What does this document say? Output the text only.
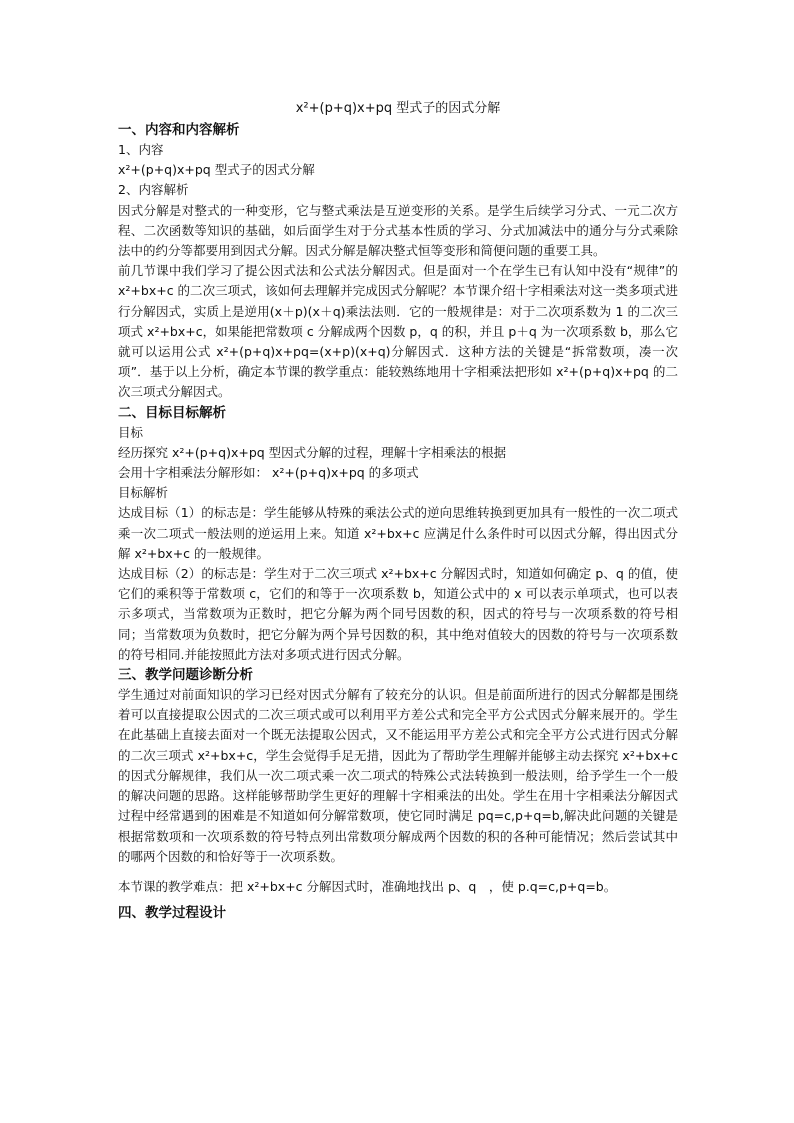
x²+(p+q)x+pq 型式子的因式分解

一、内容和内容解析

1、内容

x²+(p+q)x+pq 型式子的因式分解

2、内容解析

因式分解是对整式的一种变形，它与整式乘法是互逆变形的关系。是学生后续学习分式、一元二次方程、二次函数等知识的基础，如后面学生对于分式基本性质的学习、分式加减法中的通分与分式乘除法中的约分等都要用到因式分解。因式分解是解决整式恒等变形和简便问题的重要工具。

前几节课中我们学习了提公因式法和公式法分解因式。但是面对一个在学生已有认知中没有“规律”的 x²+bx+c 的二次三项式，该如何去理解并完成因式分解呢？本节课介绍十字相乘法对这一类多项式进行分解因式，实质上是逆用(x＋p)(x＋q)乘法法则．它的一般规律是：对于二次项系数为 1 的二次三项式 x²+bx+c，如果能把常数项 c 分解成两个因数 p，q 的积，并且 p＋q 为一次项系数 b，那么它就可以运用公式 x²+(p+q)x+pq=(x+p)(x+q)分解因式．这种方法的关键是“拆常数项，凑一次项”．基于以上分析，确定本节课的教学重点：能较熟练地用十字相乘法把形如 x²+(p+q)x+pq 的二次三项式分解因式。

二、目标目标解析

目标

经历探究 x²+(p+q)x+pq 型因式分解的过程，理解十字相乘法的根据

会用十字相乘法分解形如： x²+(p+q)x+pq 的多项式

目标解析

达成目标（1）的标志是：学生能够从特殊的乘法公式的逆向思维转换到更加具有一般性的一次二项式乘一次二项式一般法则的逆运用上来。知道 x²+bx+c 应满足什么条件时可以因式分解，得出因式分解 x²+bx+c 的一般规律。

达成目标（2）的标志是：学生对于二次三项式 x²+bx+c 分解因式时，知道如何确定 p、q 的值，使它们的乘积等于常数项 c，它们的和等于一次项系数 b，知道公式中的 x 可以表示单项式，也可以表示多项式，当常数项为正数时，把它分解为两个同号因数的积，因式的符号与一次项系数的符号相同；当常数项为负数时，把它分解为两个异号因数的积，其中绝对值较大的因数的符号与一次项系数的符号相同.并能按照此方法对多项式进行因式分解。

三、教学问题诊断分析

学生通过对前面知识的学习已经对因式分解有了较充分的认识。但是前面所进行的因式分解都是围绕着可以直接提取公因式的二次三项式或可以利用平方差公式和完全平方公式因式分解来展开的。学生在此基础上直接去面对一个既无法提取公因式，又不能运用平方差公式和完全平方公式进行因式分解的二次三项式 x²+bx+c，学生会觉得手足无措，因此为了帮助学生理解并能够主动去探究 x²+bx+c 的因式分解规律，我们从一次二项式乘一次二项式的特殊公式法转换到一般法则，给予学生一个一般的解决问题的思路。这样能够帮助学生更好的理解十字相乘法的出处。学生在用十字相乘法分解因式过程中经常遇到的困难是不知道如何分解常数项，使它同时满足 pq=c,p+q=b,解决此问题的关键是根据常数项和一次项系数的符号特点列出常数项分解成两个因数的积的各种可能情况；然后尝试其中的哪两个因数的和恰好等于一次项系数。

本节课的教学难点：把 x²+bx+c 分解因式时，准确地找出 p、q　，使 p.q=c,p+q=b。

四、教学过程设计
